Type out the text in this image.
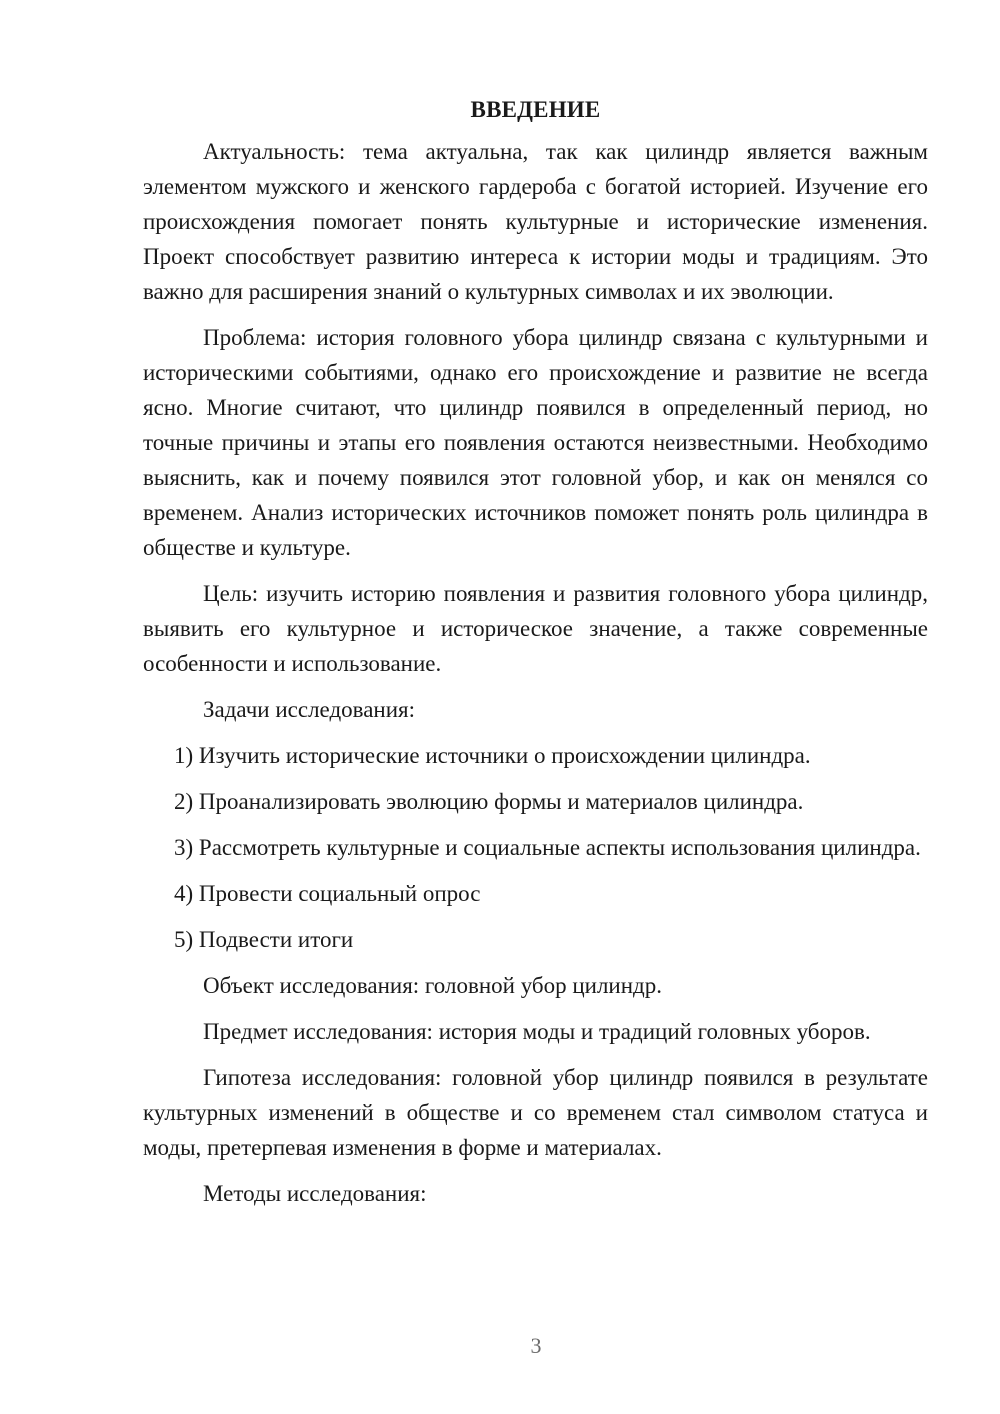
ВВЕДЕНИЕ

Актуальность: тема актуальна, так как цилиндр является важным элементом мужского и женского гардероба с богатой историей. Изучение его происхождения помогает понять культурные и исторические изменения. Проект способствует развитию интереса к истории моды и традициям. Это важно для расширения знаний о культурных символах и их эволюции.

Проблема: история головного убора цилиндр связана с культурными и историческими событиями, однако его происхождение и развитие не всегда ясно. Многие считают, что цилиндр появился в определенный период, но точные причины и этапы его появления остаются неизвестными. Необходимо выяснить, как и почему появился этот головной убор, и как он менялся со временем. Анализ исторических источников поможет понять роль цилиндра в обществе и культуре.

Цель: изучить историю появления и развития головного убора цилиндр, выявить его культурное и историческое значение, а также современные особенности и использование.

Задачи исследования:

1) Изучить исторические источники о происхождении цилиндра.

2) Проанализировать эволюцию формы и материалов цилиндра.

3) Рассмотреть культурные и социальные аспекты использования цилиндра.

4) Провести социальный опрос

5) Подвести итоги

Объект исследования: головной убор цилиндр.

Предмет исследования: история моды и традиций головных уборов.

Гипотеза исследования: головной убор цилиндр появился в результате культурных изменений в обществе и со временем стал символом статуса и моды, претерпевая изменения в форме и материалах.

Методы исследования:

3
